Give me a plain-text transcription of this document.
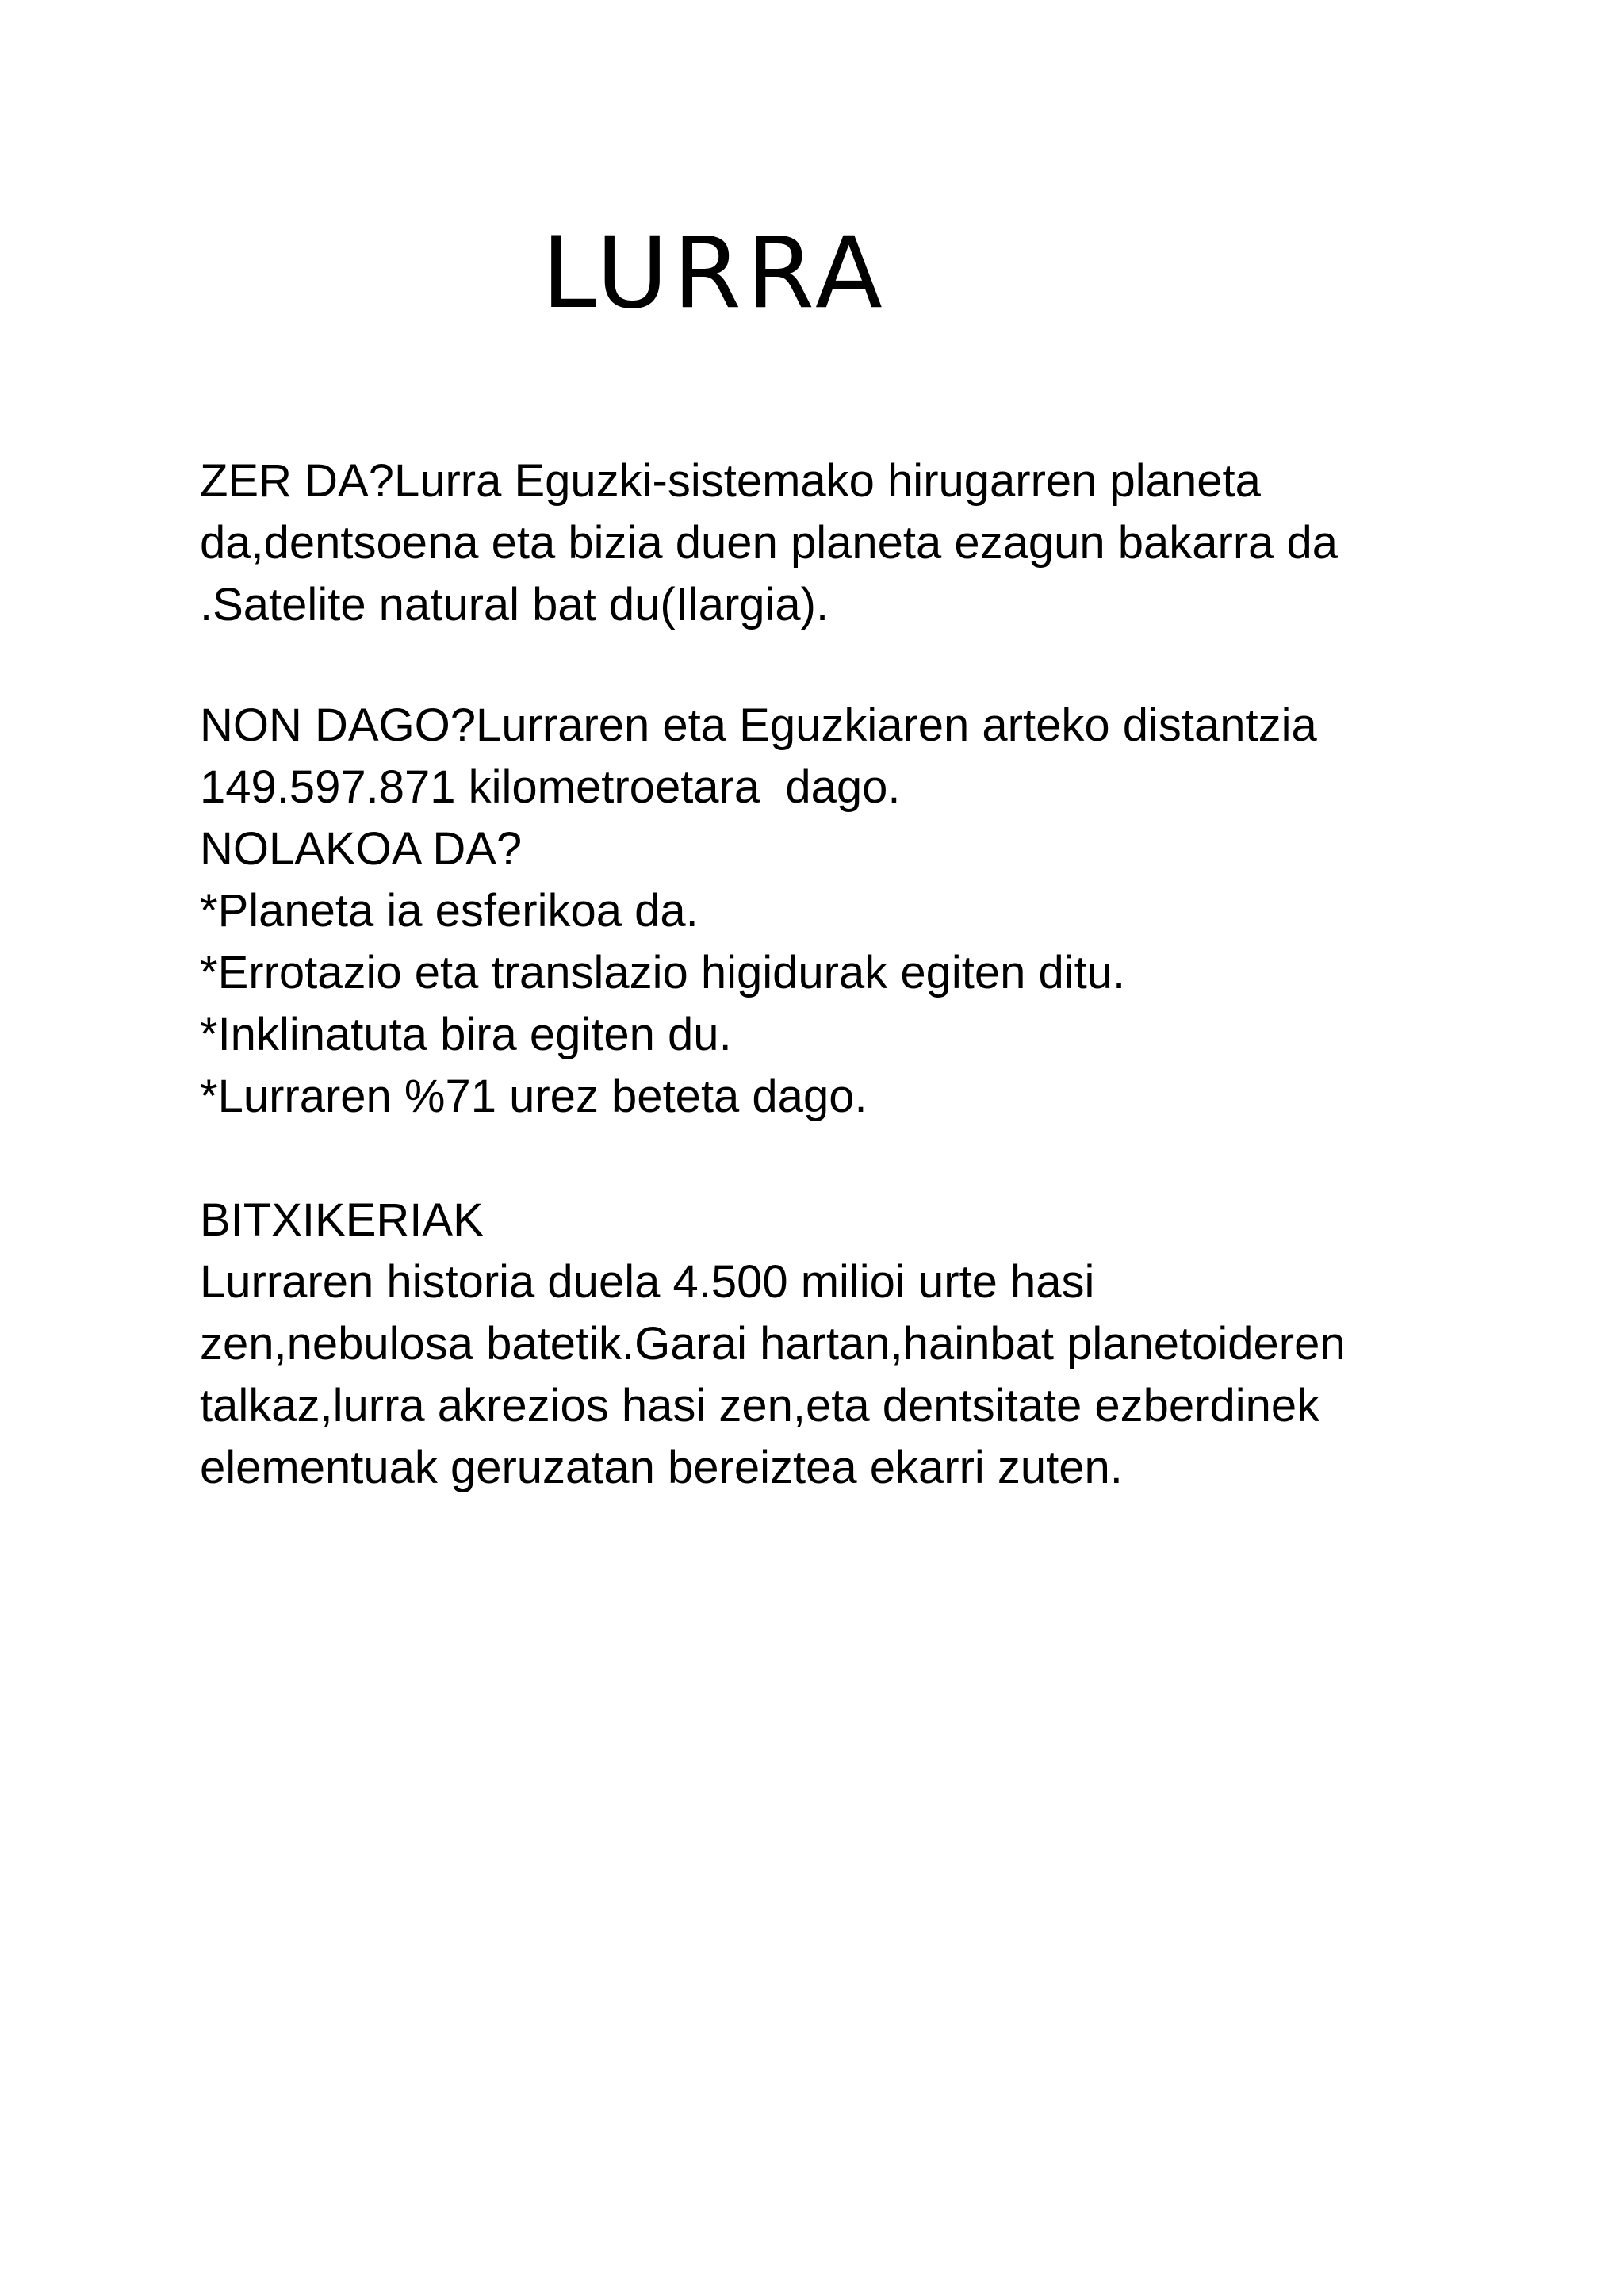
LURRA

ZER DA?Lurra Eguzki-sistemako hirugarren planeta
da,dentsoena eta bizia duen planeta ezagun bakarra da
.Satelite natural bat du(Ilargia).

NON DAGO?Lurraren eta Eguzkiaren arteko distantzia
149.597.871 kilometroetara  dago.
NOLAKOA DA?
*Planeta ia esferikoa da.
*Errotazio eta translazio higidurak egiten ditu.
*Inklinatuta bira egiten du.
*Lurraren %71 urez beteta dago.

BITXIKERIAK
Lurraren historia duela 4.500 milioi urte hasi
zen,nebulosa batetik.Garai hartan,hainbat planetoideren
talkaz,lurra akrezios hasi zen,eta dentsitate ezberdinek
elementuak geruzatan bereiztea ekarri zuten.
